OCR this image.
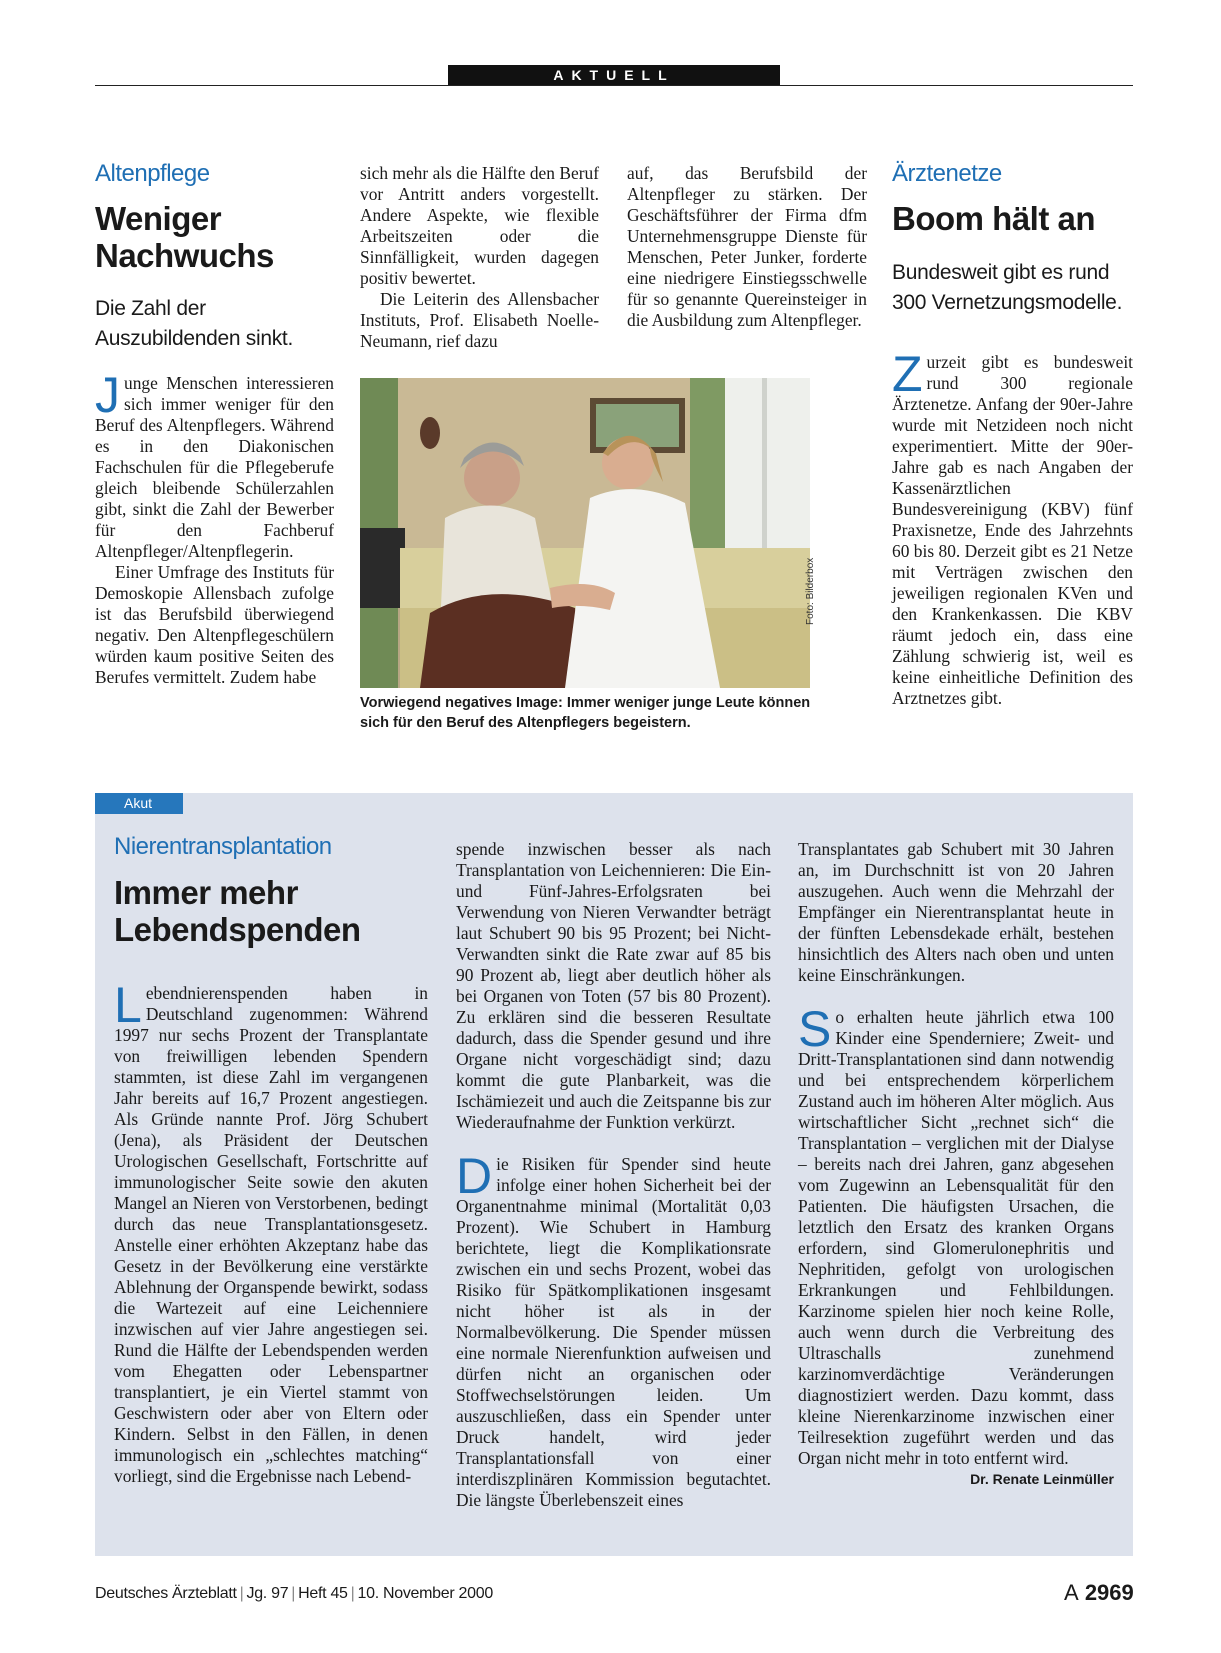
AKTUELL
Altenpflege
Weniger Nachwuchs
Die Zahl der Auszubildenden sinkt.

Junge Menschen interessieren sich immer weniger für den Beruf des Altenpflegers. Während es in den Diakonischen Fachschulen für die Pflegeberufe gleich bleibende Schülerzahlen gibt, sinkt die Zahl der Bewerber für den Fachberuf Altenpfleger/Altenpflegerin.

Einer Umfrage des Instituts für Demoskopie Allensbach zufolge ist das Berufsbild überwiegend negativ. Den Altenpflegeschülern würden kaum positive Seiten des Berufes vermittelt. Zudem habe

sich mehr als die Hälfte den Beruf vor Antritt anders vorgestellt. Andere Aspekte, wie flexible Arbeitszeiten oder die Sinnfälligkeit, wurden dagegen positiv bewertet.

Die Leiterin des Allensbacher Instituts, Prof. Elisabeth Noelle-Neumann, rief dazu

auf, das Berufsbild der Altenpfleger zu stärken. Der Geschäftsführer der Firma dfm Unternehmensgruppe Dienste für Menschen, Peter Junker, forderte eine niedrigere Einstiegsschwelle für so genannte Quereinsteiger in die Ausbildung zum Altenpfleger.

Foto: Bilderbox
Vorwiegend negatives Image: Immer weniger junge Leute können sich für den Beruf des Altenpflegers begeistern.
Ärztenetze
Boom hält an
Bundesweit gibt es rund 300 Vernetzungsmodelle.

Zurzeit gibt es bundesweit rund 300 regionale Ärztenetze. Anfang der 90er-Jahre wurde mit Netzideen noch nicht experimentiert. Mitte der 90er-Jahre gab es nach Angaben der Kassenärztlichen Bundesvereinigung (KBV) fünf Praxisnetze, Ende des Jahrzehnts 60 bis 80. Derzeit gibt es 21 Netze mit Verträgen zwischen den jeweiligen regionalen KVen und den Krankenkassen. Die KBV räumt jedoch ein, dass eine Zählung schwierig ist, weil es keine einheitliche Definition des Arztnetzes gibt.

Akut
Nierentransplantation
Immer mehr Lebendspenden

Lebendnierenspenden haben in Deutschland zugenommen: Während 1997 nur sechs Prozent der Transplantate von freiwilligen lebenden Spendern stammten, ist diese Zahl im vergangenen Jahr bereits auf 16,7 Prozent angestiegen. Als Gründe nannte Prof. Jörg Schubert (Jena), als Präsident der Deutschen Urologischen Gesellschaft, Fortschritte auf immunologischer Seite sowie den akuten Mangel an Nieren von Verstorbenen, bedingt durch das neue Transplantationsgesetz. Anstelle einer erhöhten Akzeptanz habe das Gesetz in der Bevölkerung eine verstärkte Ablehnung der Organspende bewirkt, sodass die Wartezeit auf eine Leichenniere inzwischen auf vier Jahre angestiegen sei. Rund die Hälfte der Lebendspenden werden vom Ehegatten oder Lebenspartner transplantiert, je ein Viertel stammt von Geschwistern oder aber von Eltern oder Kindern. Selbst in den Fällen, in denen immunologisch ein „schlechtes matching“ vorliegt, sind die Ergebnisse nach Lebend-

spende inzwischen besser als nach Transplantation von Leichennieren: Die Ein- und Fünf-Jahres-Erfolgsraten bei Verwendung von Nieren Verwandter beträgt laut Schubert 90 bis 95 Prozent; bei Nicht-Verwandten sinkt die Rate zwar auf 85 bis 90 Prozent ab, liegt aber deutlich höher als bei Organen von Toten (57 bis 80 Prozent). Zu erklären sind die besseren Resultate dadurch, dass die Spender gesund und ihre Organe nicht vorgeschädigt sind; dazu kommt die gute Planbarkeit, was die Ischämiezeit und auch die Zeitspanne bis zur Wiederaufnahme der Funktion verkürzt.

Die Risiken für Spender sind heute infolge einer hohen Sicherheit bei der Organentnahme minimal (Mortalität 0,03 Prozent). Wie Schubert in Hamburg berichtete, liegt die Komplikationsrate zwischen ein und sechs Prozent, wobei das Risiko für Spätkomplikationen insgesamt nicht höher ist als in der Normalbevölkerung. Die Spender müssen eine normale Nierenfunktion aufweisen und dürfen nicht an organischen oder Stoffwechselstörungen leiden. Um auszuschließen, dass ein Spender unter Druck handelt, wird jeder Transplantationsfall von einer interdiszplinären Kommission begutachtet. Die längste Überlebenszeit eines

Transplantates gab Schubert mit 30 Jahren an, im Durchschnitt ist von 20 Jahren auszugehen. Auch wenn die Mehrzahl der Empfänger ein Nierentransplantat heute in der fünften Lebensdekade erhält, bestehen hinsichtlich des Alters nach oben und unten keine Einschränkungen.

So erhalten heute jährlich etwa 100 Kinder eine Spenderniere; Zweit- und Dritt-Transplantationen sind dann notwendig und bei entsprechendem körperlichem Zustand auch im höheren Alter möglich. Aus wirtschaftlicher Sicht „rechnet sich“ die Transplantation – verglichen mit der Dialyse – bereits nach drei Jahren, ganz abgesehen vom Zugewinn an Lebensqualität für den Patienten. Die häufigsten Ursachen, die letztlich den Ersatz des kranken Organs erfordern, sind Glomerulonephritis und Nephritiden, gefolgt von urologischen Erkrankungen und Fehlbildungen. Karzinome spielen hier noch keine Rolle, auch wenn durch die Verbreitung des Ultraschalls zunehmend karzinomverdächtige Veränderungen diagnostiziert werden. Dazu kommt, dass kleine Nierenkarzinome inzwischen einer Teilresektion zugeführt werden und das Organ nicht mehr in toto entfernt wird.
Dr. Renate Leinmüller

Deutsches Ärzteblatt | Jg. 97 | Heft 45 | 10. November 2000	A 2969
